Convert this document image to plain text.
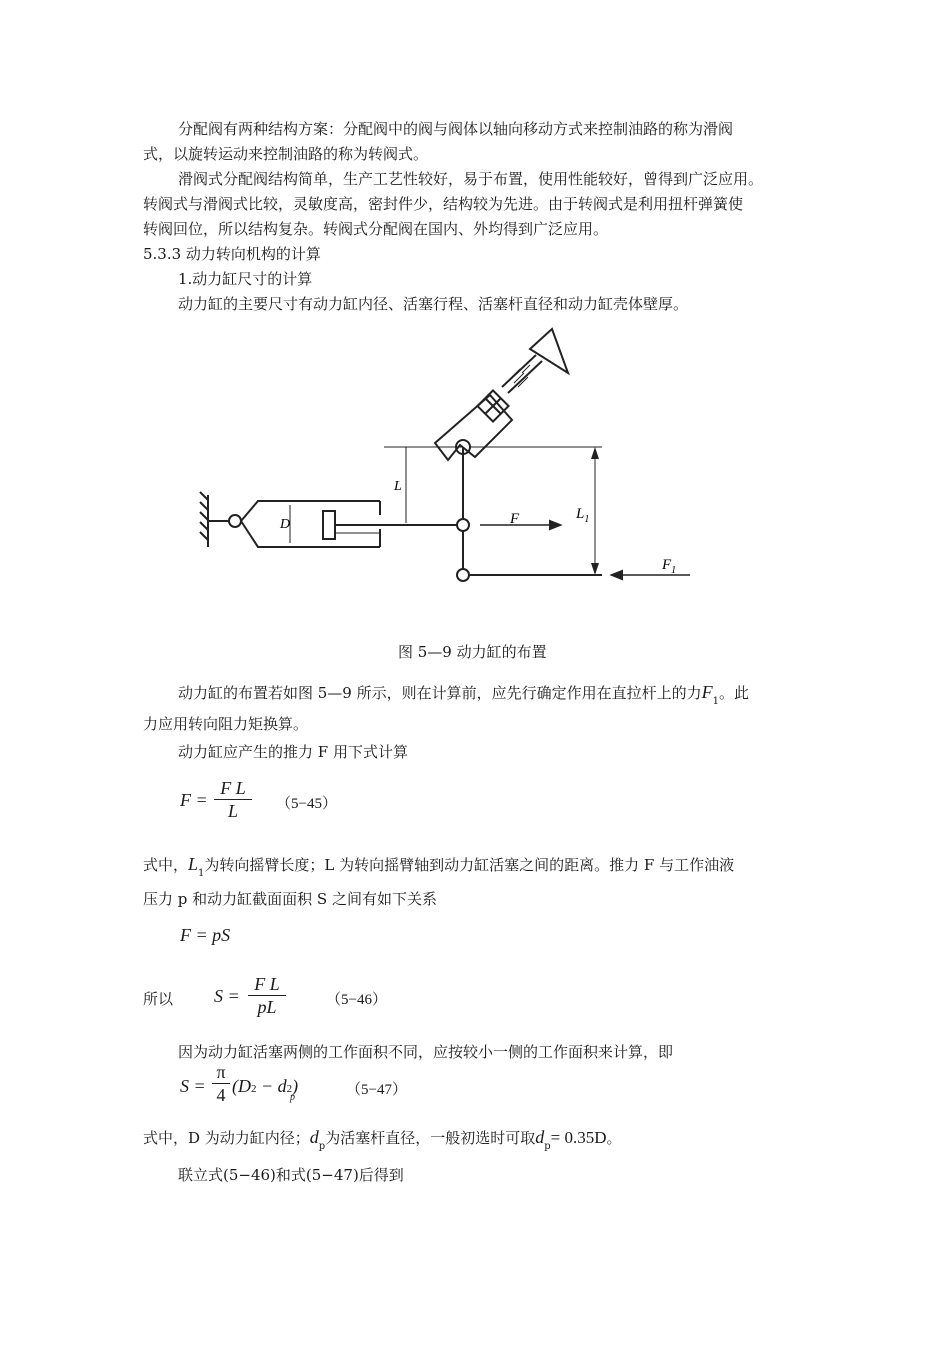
分配阀有两种结构方案：分配阀中的阀与阀体以轴向移动方式来控制油路的称为滑阀
式，以旋转运动来控制油路的称为转阀式。
滑阀式分配阀结构简单，生产工艺性较好，易于布置，使用性能较好，曾得到广泛应用。
转阀式与滑阀式比较，灵敏度高，密封件少，结构较为先进。由于转阀式是利用扭杆弹簧使
转阀回位，所以结构复杂。转阀式分配阀在国内、外均得到广泛应用。
5.3.3 动力转向机构的计算
1.动力缸尺寸的计算
动力缸的主要尺寸有动力缸内径、活塞行程、活塞杆直径和动力缸壳体壁厚。
D
L
F	$L_1$
$F_1$
图 5—9 动力缸的布置
动力缸的布置若如图 5—9 所示，则在计算前，应先行确定作用在直拉杆上的力$F_1$。此
力应用转向阻力矩换算。
动力缸应产生的推力 F 用下式计算
F =
F L
L	（5−45）
式中，$L_1$为转向摇臂长度；L 为转向摇臂轴到动力缸活塞之间的距离。推力 F 与工作油液
压力 p 和动力缸截面面积 S 之间有如下关系
F = pS
所以 S =
F L
pL	（5−46）
因为动力缸活塞两侧的工作面积不同，应按较小一侧的工作面积来计算，即
S =
π
4 (D2 − d2)
p	（5−47）
式中，D 为动力缸内径；$d_p$为活塞杆直径，一般初选时可取$d_p= 0.35D$。
联立式(5−46)和式(5−47)后得到
